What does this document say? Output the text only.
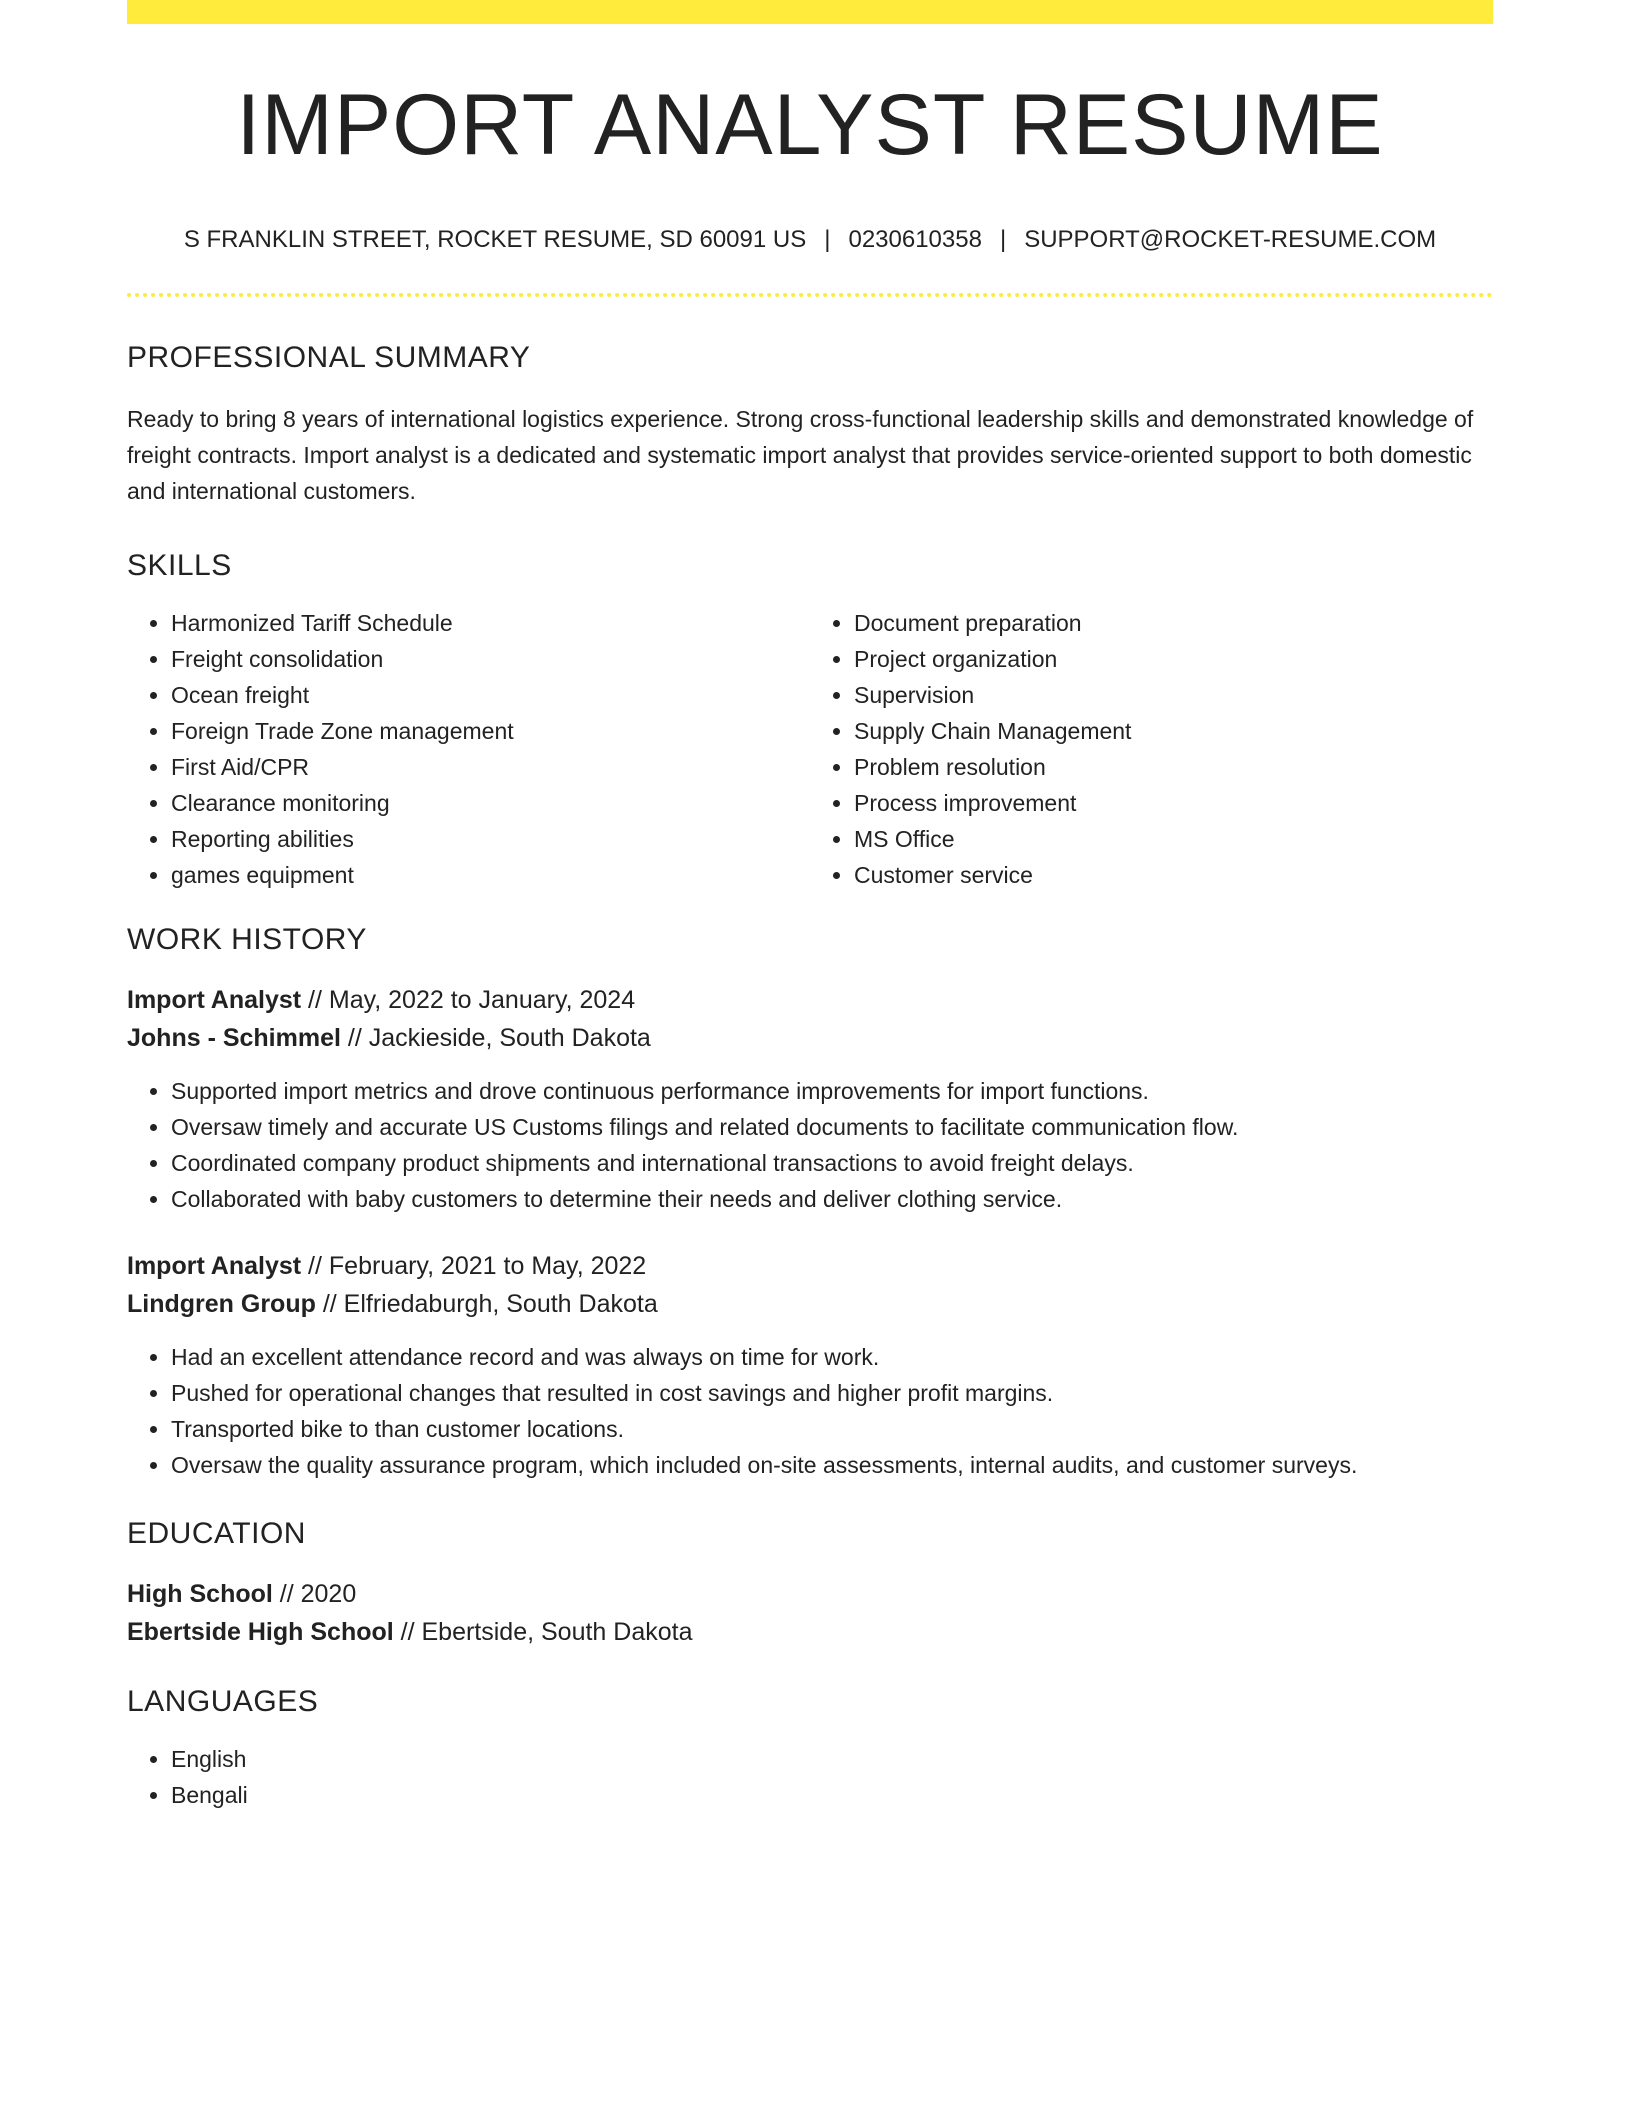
IMPORT ANALYST RESUME
S FRANKLIN STREET, ROCKET RESUME, SD 60091 US | 0230610358 | SUPPORT@ROCKET-RESUME.COM
PROFESSIONAL SUMMARY
Ready to bring 8 years of international logistics experience. Strong cross-functional leadership skills and demonstrated knowledge of freight contracts. Import analyst is a dedicated and systematic import analyst that provides service-oriented support to both domestic and international customers.
SKILLS
• Harmonized Tariff Schedule
• Freight consolidation
• Ocean freight
• Foreign Trade Zone management
• First Aid/CPR
• Clearance monitoring
• Reporting abilities
• games equipment
• Document preparation
• Project organization
• Supervision
• Supply Chain Management
• Problem resolution
• Process improvement
• MS Office
• Customer service
WORK HISTORY
Import Analyst // May, 2022 to January, 2024
Johns - Schimmel // Jackieside, South Dakota
• Supported import metrics and drove continuous performance improvements for import functions.
• Oversaw timely and accurate US Customs filings and related documents to facilitate communication flow.
• Coordinated company product shipments and international transactions to avoid freight delays.
• Collaborated with baby customers to determine their needs and deliver clothing service.
Import Analyst // February, 2021 to May, 2022
Lindgren Group // Elfriedaburgh, South Dakota
• Had an excellent attendance record and was always on time for work.
• Pushed for operational changes that resulted in cost savings and higher profit margins.
• Transported bike to than customer locations.
• Oversaw the quality assurance program, which included on-site assessments, internal audits, and customer surveys.
EDUCATION
High School // 2020
Ebertside High School // Ebertside, South Dakota
LANGUAGES
• English
• Bengali
